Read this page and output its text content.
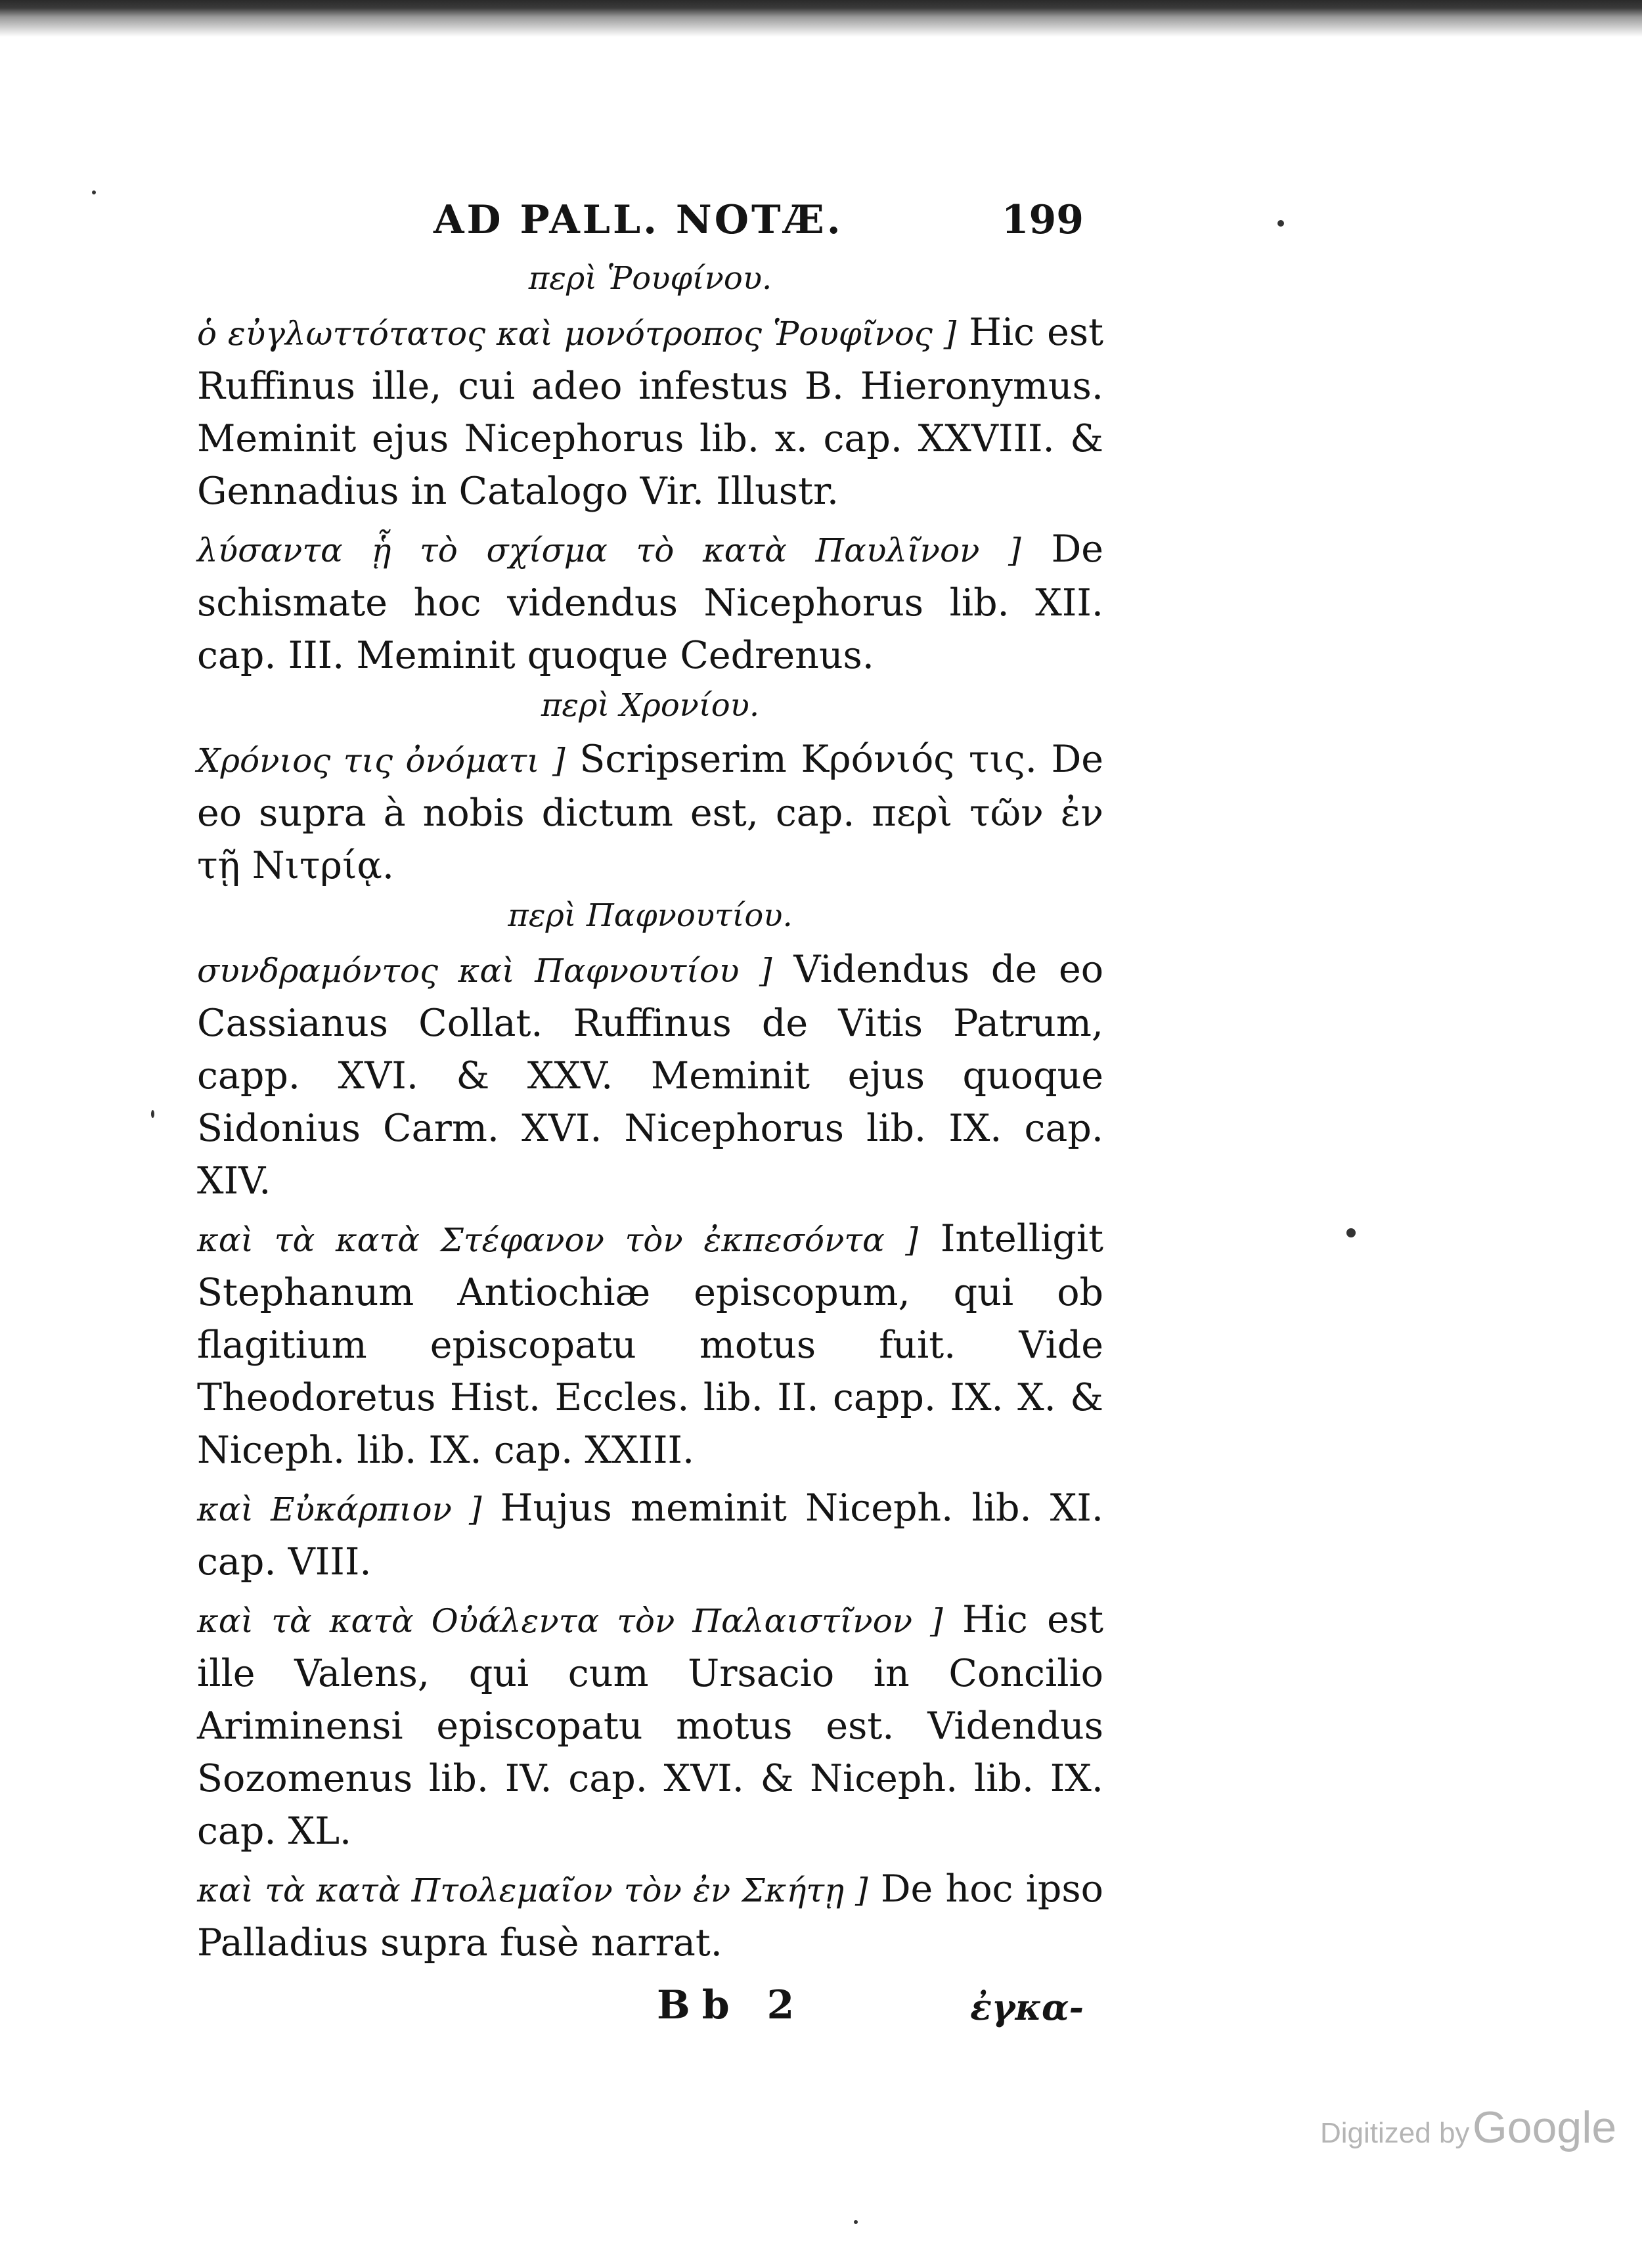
AD PALL. NOTÆ.	199
περὶ Ῥουφίνου.

ὁ εὐγλωττότατος καὶ μονότροπος Ῥουφῖνος ] Hic est Ruffinus ille, cui adeo infestus B. Hieronymus. Meminit ejus Nicephorus lib. x. cap. XXVIII. & Gennadius in Catalogo Vir. Illustr.

λύσαντα ᾗ τὸ σχίσμα τὸ κατὰ Παυλῖνον ] De schismate hoc videndus Nicephorus lib. XII. cap. III. Meminit quoque Cedrenus.

περὶ Χρονίου.

Χρόνιος τις ὀνόματι ] Scripserim Κρόνιός τις. De eo supra à nobis dictum est, cap. περὶ τῶν ἐν τῇ Νιτρίᾳ.

περὶ Παφνουτίου.

συνδραμόντος καὶ Παφνουτίου ] Videndus de eo Cassianus Collat. Ruffinus de Vitis Patrum, capp. XVI. & XXV. Meminit ejus quoque Sidonius Carm. XVI. Nicephorus lib. IX. cap. XIV.

καὶ τὰ κατὰ Στέφανον τὸν ἐκπεσόντα ] Intelligit Stephanum Antiochiæ episcopum, qui ob flagitium episcopatu motus fuit. Vide Theodoretus Hist. Eccles. lib. II. capp. IX. X. & Niceph. lib. IX. cap. XXIII.

καὶ Εὐκάρπιον ] Hujus meminit Niceph. lib. XI. cap. VIII.

καὶ τὰ κατὰ Οὐάλεντα τὸν Παλαιστῖνον ] Hic est ille Valens, qui cum Ursacio in Concilio Ariminensi episcopatu motus est. Videndus Sozomenus lib. IV. cap. XVI. & Niceph. lib. IX. cap. XL.

καὶ τὰ κατὰ Πτολεμαῖον τὸν ἐν Σκήτῃ ] De hoc ipso Palladius supra fusè narrat.

Bb 2	ἐγκα-
Digitized by Google
